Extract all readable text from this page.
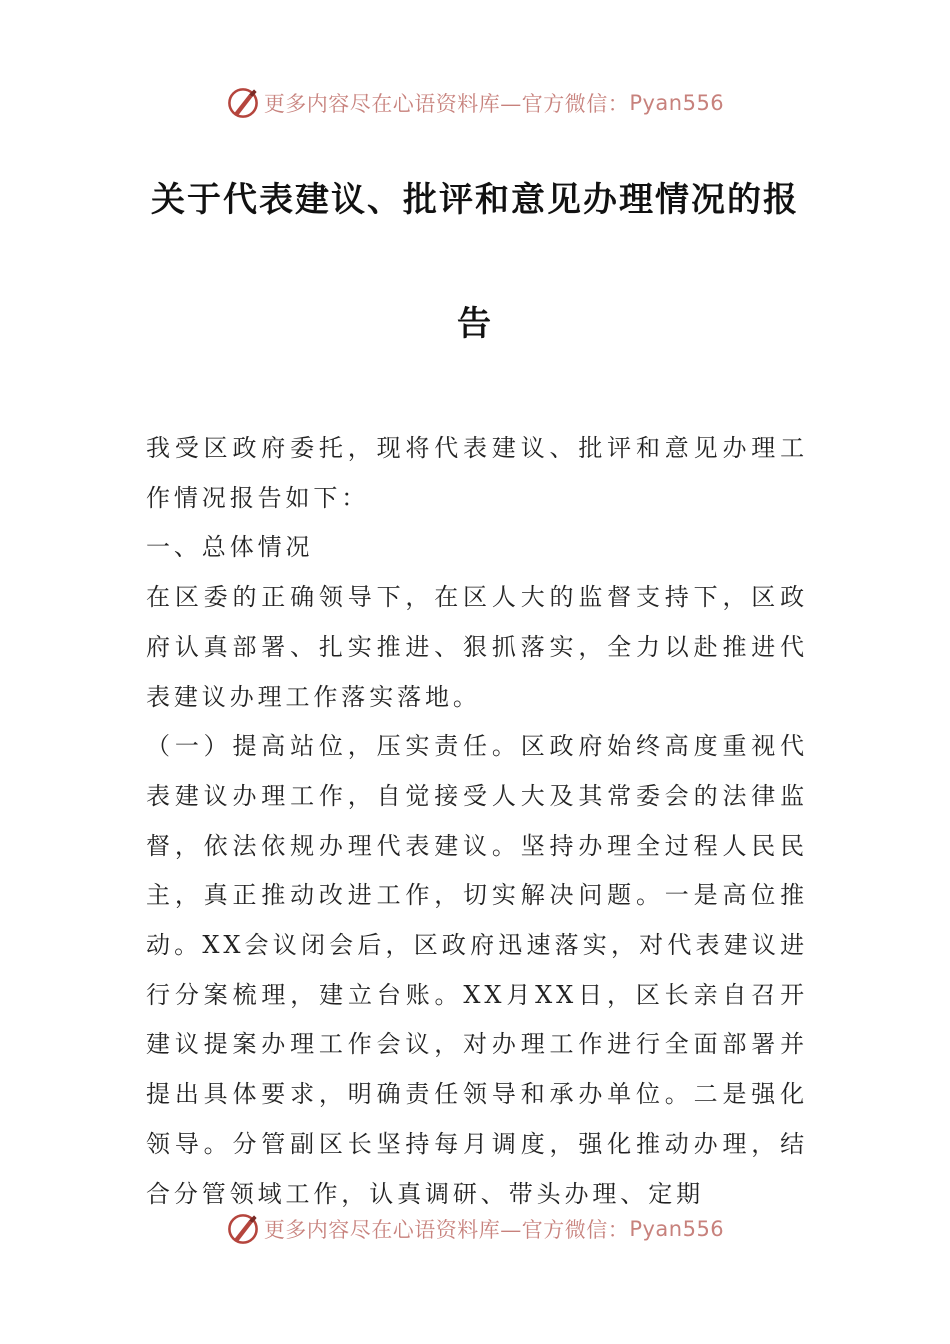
更多内容尽在心语资料库—官方微信： Pyan556
关于代表建议、批评和意见办理情况的报
告
我受区政府委托，现将代表建议、批评和意见办理工作情况报告如下：
一、总体情况
在区委的正确领导下，在区人大的监督支持下，区政府认真部署、扎实推进、狠抓落实，全力以赴推进代表建议办理工作落实落地。
（一）提高站位，压实责任。区政府始终高度重视代表建议办理工作，自觉接受人大及其常委会的法律监督，依法依规办理代表建议。坚持办理全过程人民民主，真正推动改进工作，切实解决问题。一是高位推动。XX会议闭会后，区政府迅速落实，对代表建议进行分案梳理，建立台账。XX月XX日，区长亲自召开建议提案办理工作会议，对办理工作进行全面部署并提出具体要求，明确责任领导和承办单位。二是强化领导。分管副区长坚持每月调度，强化推动办理，结合分管领域工作，认真调研、带头办理、定期
更多内容尽在心语资料库—官方微信： Pyan556
